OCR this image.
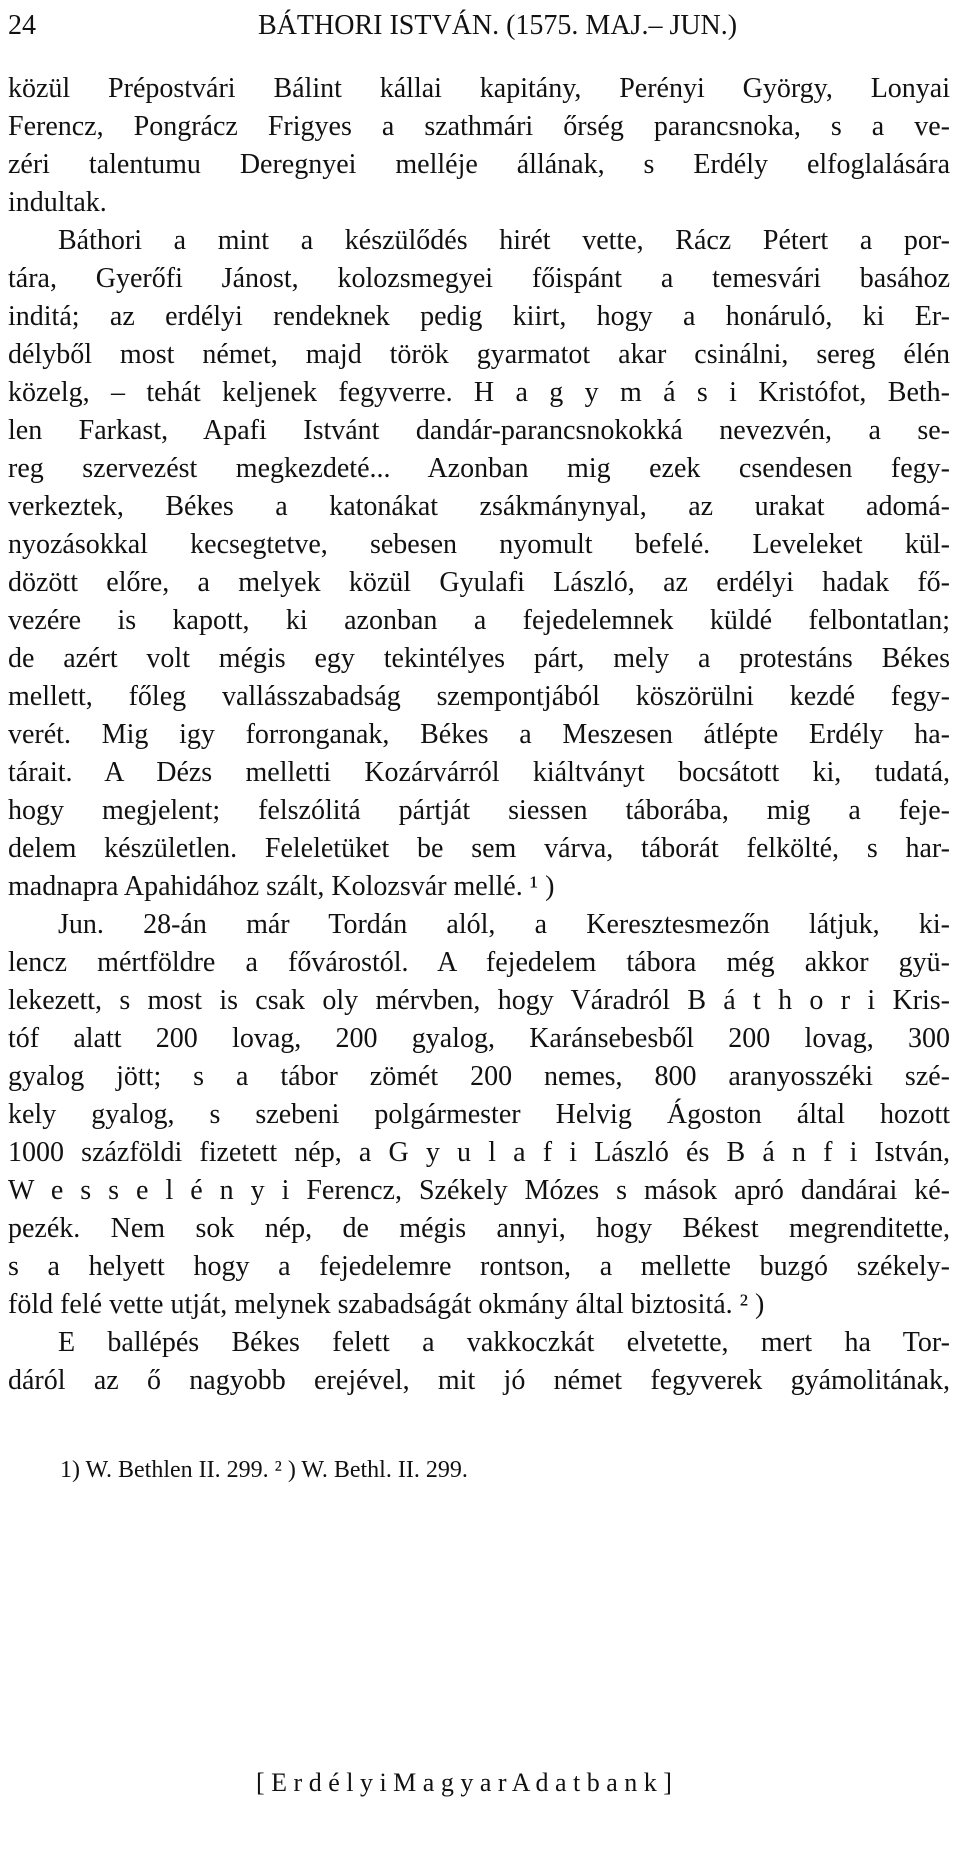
24	BÁTHORI ISTVÁN. (1575. MAJ.– JUN.)
közül Prépostvári Bálint kállai kapitány, Perényi György, Lonyai
Ferencz, Pongrácz Frigyes a szathmári őrség parancsnoka, s a ve-
zéri talentumu Deregnyei melléje állának, s Erdély elfoglalására
indultak.
Báthori a mint a készülődés hirét vette, Rácz Pétert a por-
tára, Gyerőfi Jánost, kolozsmegyei főispánt a temesvári basához
inditá; az erdélyi rendeknek pedig kiirt, hogy a honáruló, ki Er-
délyből most német, majd török gyarmatot akar csinálni, sereg élén
közelg, – tehát keljenek fegyverre. H a g y m á s i Kristófot, Beth-
len Farkast, Apafi Istvánt dandár-parancsnokokká nevezvén, a se-
reg szervezést megkezdeté... Azonban mig ezek csendesen fegy-
verkeztek, Békes a katonákat zsákmánynyal, az urakat adomá-
nyozásokkal kecsegtetve, sebesen nyomult befelé. Leveleket kül-
dözött előre, a melyek közül Gyulafi László, az erdélyi hadak fő-
vezére is kapott, ki azonban a fejedelemnek küldé felbontatlan;
de azért volt mégis egy tekintélyes párt, mely a protestáns Békes
mellett, főleg vallásszabadság szempontjából köszörülni kezdé fegy-
verét. Mig igy forronganak, Békes a Meszesen átlépte Erdély ha-
tárait. A Dézs melletti Kozárvárról kiáltványt bocsátott ki, tudatá,
hogy megjelent; felszólitá pártját siessen táborába, mig a feje-
delem készületlen. Feleletüket be sem várva, táborát felkölté, s har-
madnapra Apahidához szált, Kolozsvár mellé. ¹ )
Jun. 28-án már Tordán alól, a Keresztesmezőn látjuk, ki-
lencz mértföldre a fővárostól. A fejedelem tábora még akkor gyü-
lekezett, s most is csak oly mérvben, hogy Váradról B á t h o r i Kris-
tóf alatt 200 lovag, 200 gyalog, Karánsebesből 200 lovag, 300
gyalog jött; s a tábor zömét 200 nemes, 800 aranyosszéki szé-
kely gyalog, s szebeni polgármester Helvig Ágoston által hozott
1000 százföldi fizetett nép, a G y u l a f i László és B á n f i István,
W e s s e l é n y i Ferencz, Székely Mózes s mások apró dandárai ké-
pezék. Nem sok nép, de mégis annyi, hogy Békest megrenditette,
s a helyett hogy a fejedelemre rontson, a mellette buzgó székely-
föld felé vette utját, melynek szabadságát okmány által biztositá. ² )
E ballépés Békes felett a vakkoczkát elvetette, mert ha Tor-
dáról az ő nagyobb erejével, mit jó német fegyverek gyámolitának,
1) W. Bethlen II. 299. ² ) W. Bethl. II. 299.
[ E r d é l y i M a g y a r A d a t b a n k ]
